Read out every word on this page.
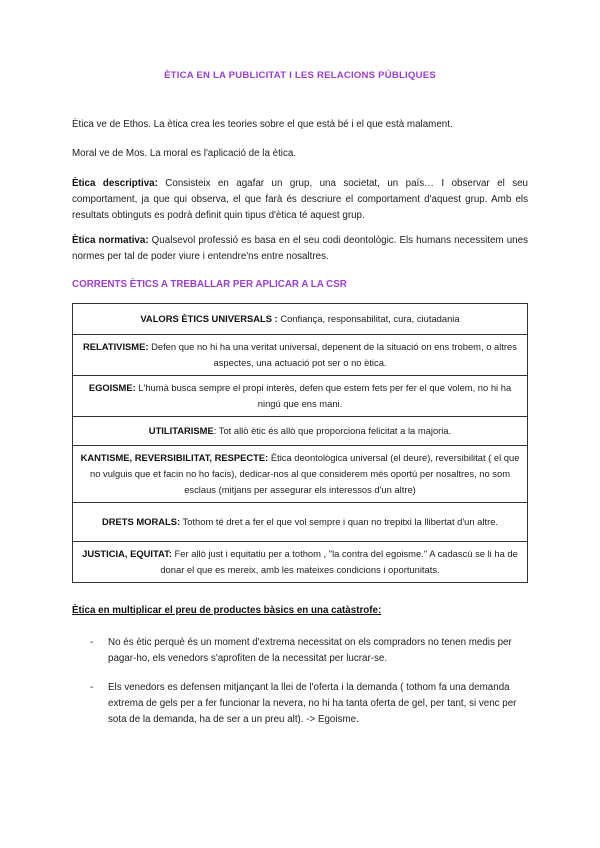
ÈTICA EN LA PUBLICITAT I LES RELACIONS PÚBLIQUES
Ètica ve de Ethos. La ètica crea les teories sobre el que està bé i el que està malament.
Moral ve de Mos. La moral es l'aplicació de la ètica.
Ètica descriptiva: Consisteix en agafar un grup, una societat, un país… I observar el seu comportament, ja que qui observa, el que farà és descriure el comportament d'aquest grup. Amb els resultats obtinguts es podrà definit quin tipus d'ètica té aquest grup.
Ètica normativa: Qualsevol professió es basa en el seu codi deontològic. Els humans necessitem unes normes per tal de poder viure i entendre'ns entre nosaltres.
CORRENTS ÈTICS A TREBALLAR PER APLICAR A LA CSR
VALORS ÈTICS UNIVERSALS : Confiança, responsabilitat, cura, ciutadania
RELATIVISME: Defen que no hi ha una veritat universal, depenent de la situació on ens trobem, o altres aspectes, una actuació pot ser o no ètica.
EGOISME: L'humà busca sempre el propi interès, defen que estem fets per fer el que volem, no hi ha ningú que ens mani.
UTILITARISME: Tot allò ètic és allò que proporciona felicitat a la majoria.
KANTISME, REVERSIBILITAT, RESPECTE: Ètica deontològica universal (el deure), reversibilitat ( el que no vulguis que et facin no ho facis), dedicar-nos al que considerem més oportú per nosaltres, no som esclaus (mitjans per assegurar els interessos d'un altre)
DRETS MORALS: Tothom té dret a fer el que vol sempre i quan no trepitxi la llibertat d'un altre.
JUSTICIA, EQUITAT: Fer allò just i equitatiu per a tothom , "la contra del egoisme." A cadascú se li ha de donar el que es mereix, amb les mateixes condicions i oportunitats.
Ètica en multiplicar el preu de productes bàsics en una catàstrofe:
- No és ètic perquè és un moment d'extrema necessitat on els compradors no tenen medis per pagar-ho, els venedors s'aprofiten de la necessitat per lucrar-se.
- Els venedors es defensen mitjançant la llei de l'oferta i la demanda ( tothom fa una demanda extrema de gels per a fer funcionar la nevera, no hi ha tanta oferta de gel, per tant, si venc per sota de la demanda, ha de ser a un preu alt). -> Egoisme.
